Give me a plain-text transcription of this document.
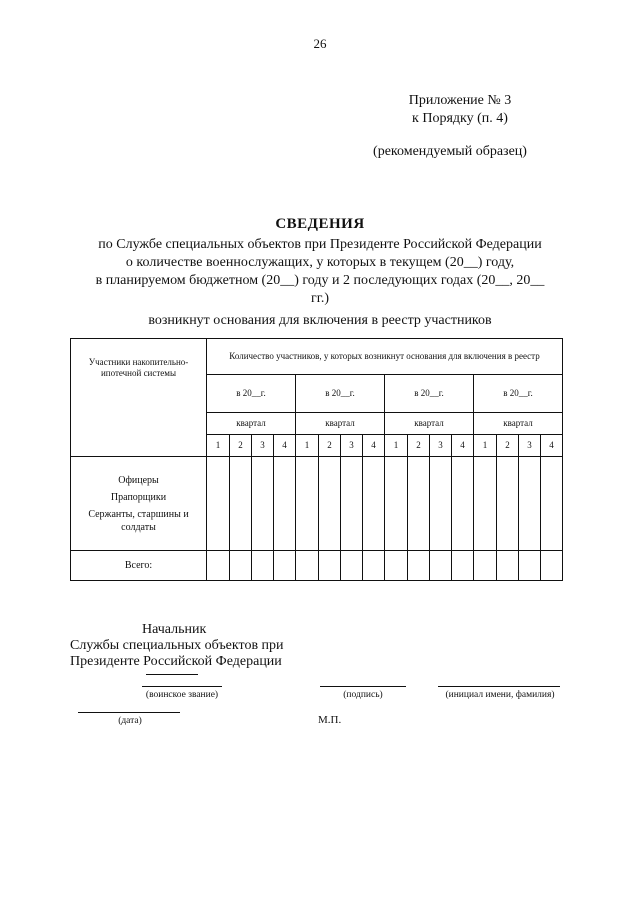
26
Приложение № 3
к Порядку (п. 4)
(рекомендуемый образец)
СВЕДЕНИЯ
по Службе специальных объектов при Президенте Российской Федерации
о количестве военнослужащих, у которых в текущем (20__) году,
в планируемом бюджетном (20__) году и 2 последующих годах (20__, 20__
гг.)
возникнут основания для включения в реестр участников
Участники накопительно-ипотечной системы	Количество участников, у которых возникнут основания для включения в реестр															
	в 20__г.				в 20__г.				в 20__г.				в 20__г.			
	квартал				квартал				квартал				квартал			
	1	2	3	4	1	2	3	4	1	2	3	4	1	2	3	4

Офицеры
Прапорщики
Сержанты, старшины и солдаты																

Всего:																
Начальник
Службы специальных объектов при
Президенте Российской Федерации
(воинское звание)	(подпись)	(инициал имени, фамилия)
(дата)	М.П.
